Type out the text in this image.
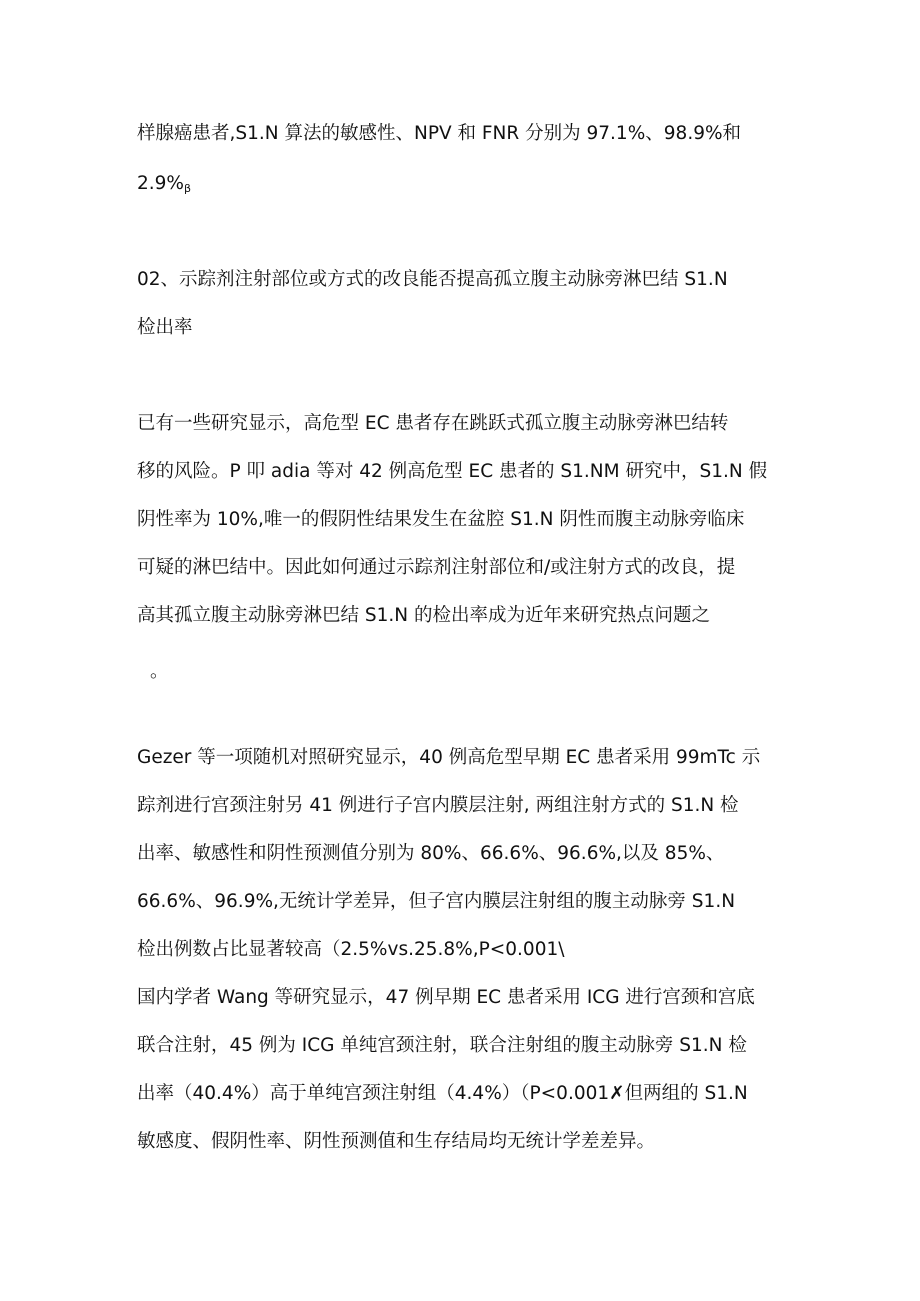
样腺癌患者,S1.N 算法的敏感性、NPV 和 FNR 分别为 97.1%、98.9%和
$2.9\%_\beta$
02、示踪剂注射部位或方式的改良能否提高孤立腹主动脉旁淋巴结 S1.N
检出率
已有一些研究显示，高危型 EC 患者存在跳跃式孤立腹主动脉旁淋巴结转
移的风险。P 叩 adia 等对 42 例高危型 EC 患者的 S1.NM 研究中，S1.N 假
阴性率为 10%,唯一的假阴性结果发生在盆腔 S1.N 阴性而腹主动脉旁临床
可疑的淋巴结中。因此如何通过示踪剂注射部位和/或注射方式的改良，提
高其孤立腹主动脉旁淋巴结 S1.N 的检出率成为近年来研究热点问题之
。
Gezer 等一项随机对照研究显示，40 例高危型早期 EC 患者采用 99mTc 示
踪剂进行宫颈注射另 41 例进行子宫内膜层注射, 两组注射方式的 S1.N 检
出率、敏感性和阴性预测值分别为 80%、66.6%、96.6%,以及 85%、
66.6%、96.9%,无统计学差异，但子宫内膜层注射组的腹主动脉旁 S1.N
检出例数占比显著较高（2.5%vs.25.8%,P<0.001\
国内学者 Wang 等研究显示，47 例早期 EC 患者采用 ICG 进行宫颈和宫底
联合注射，45 例为 ICG 单纯宫颈注射，联合注射组的腹主动脉旁 S1.N 检
出率（40.4%）高于单纯宫颈注射组（4.4%）（P<0.001✗但两组的 S1.N
敏感度、假阴性率、阴性预测值和生存结局均无统计学差差异。
